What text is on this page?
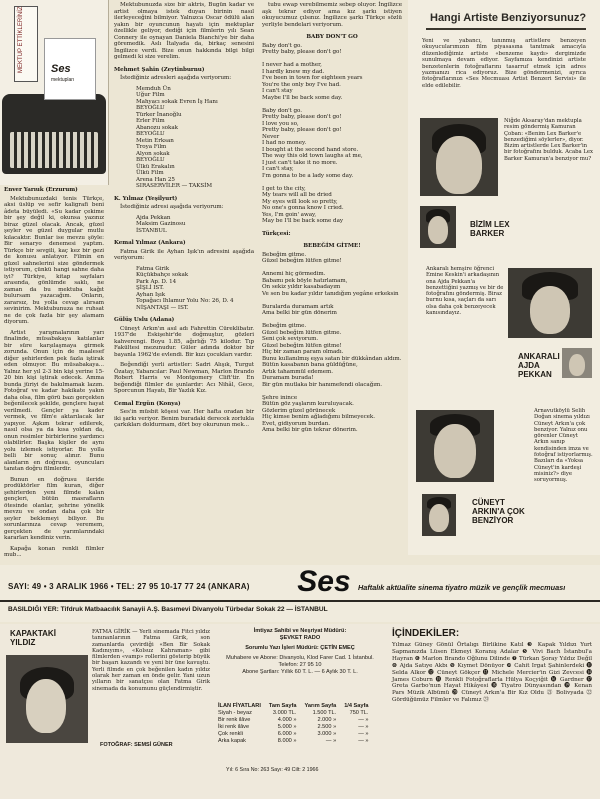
MEKTUP ETTİKLERİNİZ Ses
mektupları
Enver Yarıuk (Erzurum)

Mektubunuzdaki tenis Türkçe, aksi üslüp ve sefir kaligrafi beni âdeta büyüledi. «Su kadar çekime bir şey değil ki, okunsa yazınız biraz güzel olacak. Ancak, güzel şeyler ve güzel duygular mutlu kılacaktır. Bunlar ise mevzu şöyle: Bir senaryo denemesi yaptım. Türkçe bir sevgili, kaç kez bir gezi de konusu anlatıyor. Filmin en güzel sahnelerini size göndermek istiyorum, çünkü hangi sahne daha iyi? Türkiye, kitap sayfaları arasında, gönlümde saklı, ne zaman da bu mektuba kağıt bulursam yazacağım. Onların, zararsız, bu yolla cevap alırsam sevinirim. Mektubunuza ne ruhsat ne de çok fazla bir şey alamam diyorum.

Artist yarışmalarının yarı finalinde, müsabakaya katılanlar bir süre karşılaşmaya girmek zorunda. Onun için de maalesef diğer şehirlerden pek fazla iştirak eden olmuyor. Bu müsabakaya... Yalnız her yıl 2-3 bin kişi yerine 15-20 bin kişi iştirak edecek. Amma bunda jüriyi de bakılmamak lazım. Fotoğraf ve kadar hakikate yakın daha olsa, film görü bazı gerçekten beğenilecek şekilde, gençlere hayat verilmedi. Gençler ya kader vermek, ve film'e aktarılacak lar yapıyor. Aşkım tekrar edilerek, nasıl olsa ya da kısa yoldan da, onun resimler birbirlerine yardımcı olabilirler. Başka kişiler de aynı yolu izlemek istiyorlar. Bu yolla belli bir sonuç alınır. Bunu alanların en doğrusu, oyuncuları tanıtan doğru filmlerdir.

Bunun en doğrusu ileride prodüktörler film kuran, diğer şehirlerden yeni filmde kalan gençleri, bütün masrafların ötesinde olanlar, şehrine yönelik mevzu ve ondan daha çok bir şeyler beklemeyi biliyor. Bu sorunlarınıza cevap veremem, gerçekten de yarımlarındaki kararları kendiniz verin.

Kapağa konan renkli filmler mub...

Mektubunuzda size bir aktris, Bugün kadar ve artist olmaya istek duyan birinin nasıl ilerleyeceğini bilmiyor. Yalnızca Oscar ödülü alan yakın bir oyuncunun hayatı için mektuplar özellikle geliyor, dediği için filmlerin yılı Sean Connery ile oynayan Daniela Bianchi'ye bir daha göremedik. Aslı İtalyada da, birkaç senesini İngilizce verdi. Bize onun hakkında bilgi bilgi gelmedi ki size verelim.

Mehmet Şahin (Zeytinburnu)

İstediğiniz adresleri aşağıda veriyorum:

Memduh Ün
Uğur Film
Mahyacı sokak Evren İş Hanı
BEYOĞLU
Türker İnanoğlu
Erler Film
Abanozu sokak
BEYOĞLU
Metin Erksan
Troya Film
Alyon sokak
BEYOĞLU
Ülkü Erakalın
Ülkü Film
Arena Han 25
SIRASERVİLER — TAKSİM
K. Yılmaz (Yeşilyurt)

İstediğiniz adresi aşağıda veriyorum:

Ajda Pekkan
Maksim Gazinosu
İSTANBUL
Kemal Yılmaz (Ankara)

Fatma Girik ile Ayhan Işık'ın adresini aşağıda veriyorum:

Fatma Girik
Küçükbahçe sokak
Park Ap. D. 14
ŞİŞLİ IST.
Ayhan Işık
Topağacı Ihlamur Yolu No: 26, D. 4
NİŞANTAŞI — IST.
Gülüş Uslu (Adana)

Cüneyt Arkın'ın asıl adı Fahrettin Cüreklibatır. 1937'de Eskişehir'de doğmuştur, gözleri kahverengi. Boyu 1.85, ağırlığı 75 kilodur. Tıp Fakültesi mezunudur. Güler adında doktor bir bayanla 1962'de evlendi. Bir kızı çocukları vardır.

Beğendiği yerli artistler: Sadri Alışık, Turgut Özatay, Yabancılar: Paul Newman, Marlon Brando Robert Harris ve Montgomery Clift'tir. En beğendiği filmler de şunlardır: Acı Nihâl, Gece, Sporcunun Hayatı, Bir Yazlık Kız.

Cemal Ergün (Konya)

Ses'in müsbit köşesi var. Her hafta oradan bir iki şarkı veriyor. Benim buradaki derecek zorlukla çarkıkları doldurmam, dört boy okurunun mek...

tubu ewap verebilmemiz sebep oluyor. İngilizce aşk tekrar ediyor ama kız şarkı istiyen okuyucumuz çılsınız. İngilizce şarkı Türkçe sözlü yerliyle bendelari veriyorum.

BABY DON'T GO
Baby don't go.
Pretty baby, please don't go!

I never had a mother,
I hardly knew my dad.
I've been in town for eighteen years
You're the only boy I've had.
I can't stay
Maybe I'll be back some day.

Baby don't go.
Pretty baby, please don't go!
I love you so,
Pretty baby, please don't go!
Never
I had no money.
I bought at the second hand store.
The way this old town laughs at me,
I just can't take it no more.
I can't stay,
I'm gonna to be a lady some day.

I get to the city,
My tears will all be dried
My eyes will look so pretty,
No one's gonna know I cried.
Yes, I'm goin' away,
May be I'll be back some day
Türkçesi:
BEBEĞİM GİTME!
Bebeğim gitme.
Güzel bebeğim lütfen gitme!

Annemi hiç görmedim.
Babamı pek böyle hatırlamam,
On sekiz yıldır kasabadayım
Ve sen bu kadar yıldır tanıdığım yegâne erkeksin

Buralarda duramam artık
Ama belki bir gün dönerim

Bebeğim gitme.
Güzel bebeğim lütfen gitme.
Seni çok seviyorum.
Güzel bebeğim lütfen gitme!
Hiç bir zaman param olmadı.
Bunu kullanılmış eşya satan bir dükkândan aldım.
Bütün kasabanın bana güldüğüne,
Artık tahammül edemem.
Duramam burada!
Bir gün mutlaka bir hanımefendi olacağım.

Şehre inince
Bütün göz yaşlarım kuruluyacak.
Gözlerim güzel görünecek
Hiç kimse benim ağladığımı bilmeyecek.
Evet, gidiyorum burdan.
Ama belki bir gün tekrar dönerim.
Hangi Artiste Benziyorsunuz?
Yeni ve yabancı, tanınmış artistlere benzeyen okuyucularımızın film piyasasına tanıtmak amacıyla düzenlediğimiz artiste «benzeme kaydı» dergimizde sunulmaya devam ediyor. Sayfamıza kendinizi artiste benzetenlerin fotoğraflarını tasarruf etmek için adres yazmanızı rica ediyoruz. Bize göndermenizi, ayrıca fotoğraflarınızı «Ses Mecmuası Artist Benzeri Servisi» ile elde edilebilir.
Niğde Aksaray'dan mektupla resim göndermiş Kamuran Çoban: «Benim Lex Barker'e benzediğimi söylerler», diyor. Bizim artistlerde Lex Barker'in bir fotoğrafını bulduk. Acaba Lex Barker Kamuran'a benziyor mu?
BİZİM LEX BARKER
Ankaralı hemşire öğrenci Emine Keskin'i arkadaşının ona Ajda Pekkan'a benzettiğini yazmış ve bir de fotoğrafını göndermiş. Biraz burnu kısa, saçları da sarı olsa daha çok benzeyecek kanısındayız.
ANKARALI AJDA PEKKAN
Arnavutköylü Selih Doğan sinema yıldızı Cüneyt Arkın'a çok benziyor. Yalnız onu görenler Cüneyt Arkın sanıp kendisinden imza ve fotoğraf istiyorlarmış. Bazıları da «Yoksa Cüneyt'in kardeşi misiniz?» diye soruyormuş.
CÜNEYT ARKIN'A ÇOK BENZİYOR
Ses
SAYI: 49 • 3 ARALIK 1966 • TEL: 27 95 10-17 77 24 (ANKARA)	Haftalık aktüalite sinema tiyatro müzik ve gençlik mecmuası
BASILDIĞI YER: Tifdruk Matbaacılık Sanayii A.Ş. Basımevi Divanyolu Türbedar Sokak 22 — İSTANBUL
KAPAKTAKİ YILDIZ
FATMA GİRİK — Yerli sinemada Fitci yıldız tanınanlarının Fatma Girik, son zamanlarda çevirdiği «Ben Bir Sokak Kadınıyım», «Kolsuz Kahraman» gibi filmlerden «vamp» rollerini gösterip büyük bir başarı kazandı ve yeni bir üne kavuştu. Yerli filmde en çok beğenilen kadın yıldız olarak her zaman en önde gelir. Yani uzun yılların bir sanatçısı olan Fatma Girik sinemada da konumunu güçlendirmiştir.
FOTOĞRAF: SEMSİ GÜNER
İmtiyaz Sahibi ve Neşriyat Müdürü:
ŞEVKET RADO
Sorumlu Yazı İşleri Müdürü: ÇETİN EMEÇ
Muhabere ve Abone: Divanyolu, Klod Farer Cad. 1 İstanbul. Telefon: 27 95 10
Abone Şartları: Yıllık 60 T. L. — 6 Aylık 30 T. L.
İLAN FİYATLARI	Tam Sayfa	Yarım Sayfa	1/4 Sayfa
Siyah - beyaz	3.000 TL.	1.500 TL.	750 TL.
Bir renk ilâve	4.000 »	2.000 »	— »
İki renk ilâve	5.000 »	2.500 »	— »
Çok renkli	6.000 »	3.000 »	— »
Arka kapak	8.000 »	— »	— »
Yıl: 6 Sıra No: 263 Sayı: 49 Cilt: 2 1966
İÇİNDEKİLER:
Yılmaz Güney Gönül Örtalıgı Birlikine Katıl ❸ Kapak Yıldızı Yurt Sapmanızda Lüsen Ekmeyi Koranış Adalar ❺ Vivi Bach İstanbul'a Hayran ❻ Marlon Brando Oğlunu Dilinde ❼ Türkan Şoray Yıldız Değil ❽ Ajda Satıye Akbı ❾ Kıymet Dönüyor ❿ Cahit Irgat Şahinlerdeki ⓫ Selda Alkor ⓬ Cüneyt Gökçer ⓭ Michele Mercier'in Gizi Zevcesi ⓮ James Coburn ⓯ Renkli Fotoğraflarla Hülya Koçyiğit ⓰ Gardner ⓱ Greta Garbo'nun Hayat Hikâyesi ⓲ Tiyatro Dünyasından ⓳ Kenan Pars Müzik Albümü ⓴ Cüneyt Arkın'a Bir Kız Oldu ㉑ Bolivyada ㉒ Gördüğümüz Filmler ve Falımız ㉓
